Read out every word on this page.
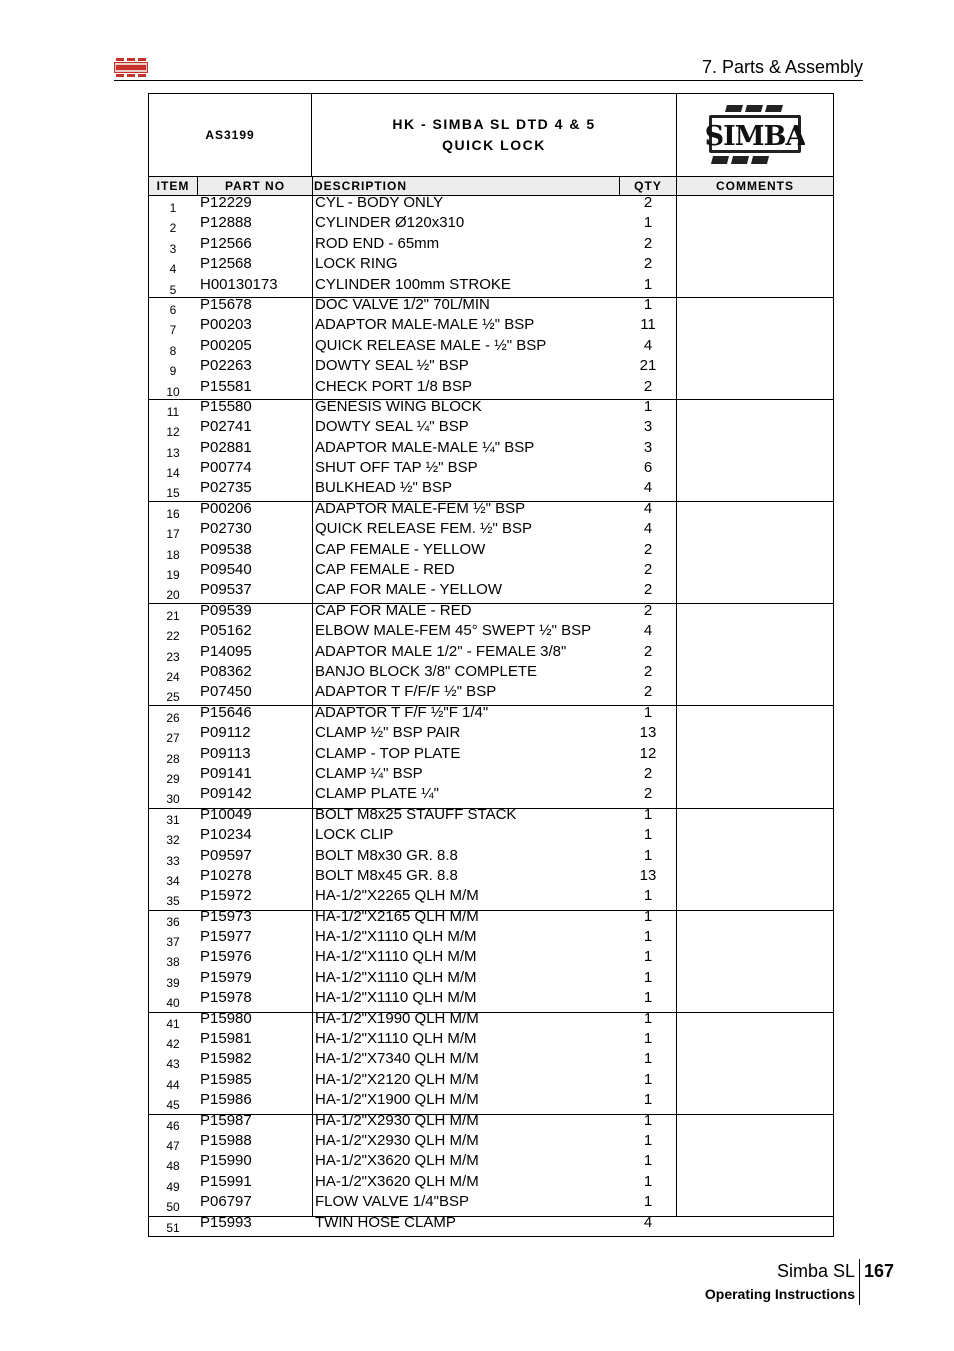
7. Parts & Assembly
AS3199
HK - SIMBA SL DTD 4 & 5
QUICK LOCK	SIMBA
ITEM	PART NO	DESCRIPTION	QTY	COMMENTS
1	P12229	CYL - BODY ONLY	2
2	P12888	CYLINDER Ø120x310	1
3	P12566	ROD END - 65mm	2
4	P12568	LOCK RING	2
5	H00130173 CYLINDER 100mm STROKE	1
6	P15678	DOC VALVE 1/2" 70L/MIN	1
7	P00203	ADAPTOR MALE-MALE ½" BSP	11
8	P00205	QUICK RELEASE MALE - ½" BSP	4
9	P02263	DOWTY SEAL ½" BSP	21
10	P15581	CHECK PORT 1/8 BSP	2
11	P15580	GENESIS WING BLOCK	1
12	P02741	DOWTY SEAL ¼" BSP	3
13	P02881	ADAPTOR MALE-MALE ¼" BSP	3
14	P00774	SHUT OFF TAP ½" BSP	6
15	P02735	BULKHEAD ½" BSP	4
16	P00206	ADAPTOR MALE-FEM ½" BSP	4
17	P02730	QUICK RELEASE FEM. ½" BSP	4
18	P09538	CAP FEMALE - YELLOW	2
19	P09540	CAP FEMALE - RED	2
20	P09537	CAP FOR MALE - YELLOW	2
21	P09539	CAP FOR MALE - RED	2
22	P05162	ELBOW MALE-FEM 45° SWEPT ½" BSP	4
23	P14095	ADAPTOR MALE 1/2" - FEMALE 3/8"	2
24	P08362	BANJO BLOCK 3/8" COMPLETE	2
25	P07450	ADAPTOR T F/F/F ½" BSP	2
26	P15646	ADAPTOR T F/F ½"F 1/4"	1
27	P09112	CLAMP ½" BSP PAIR	13
28	P09113	CLAMP - TOP PLATE	12
29	P09141	CLAMP ¼" BSP	2
30	P09142	CLAMP PLATE ¼"	2
31	P10049	BOLT M8x25 STAUFF STACK	1
32	P10234	LOCK CLIP	1
33	P09597	BOLT M8x30 GR. 8.8	1
34	P10278	BOLT M8x45 GR. 8.8	13
35	P15972	HA-1/2"X2265 QLH M/M	1
36	P15973	HA-1/2"X2165 QLH M/M	1
37	P15977	HA-1/2"X1110 QLH M/M	1
38	P15976	HA-1/2"X1110 QLH M/M	1
39	P15979	HA-1/2"X1110 QLH M/M	1
40	P15978	HA-1/2"X1110 QLH M/M	1
41	P15980	HA-1/2"X1990 QLH M/M	1
42	P15981	HA-1/2"X1110 QLH M/M	1
43	P15982	HA-1/2"X7340 QLH M/M	1
44	P15985	HA-1/2"X2120 QLH M/M	1
45	P15986	HA-1/2"X1900 QLH M/M	1
46	P15987	HA-1/2"X2930 QLH M/M	1
47	P15988	HA-1/2"X2930 QLH M/M	1
48	P15990	HA-1/2"X3620 QLH M/M	1
49	P15991	HA-1/2"X3620 QLH M/M	1
50	P06797	FLOW VALVE 1/4"BSP	1
51	P15993	TWIN HOSE CLAMP	4
Simba SL 167
Operating Instructions
